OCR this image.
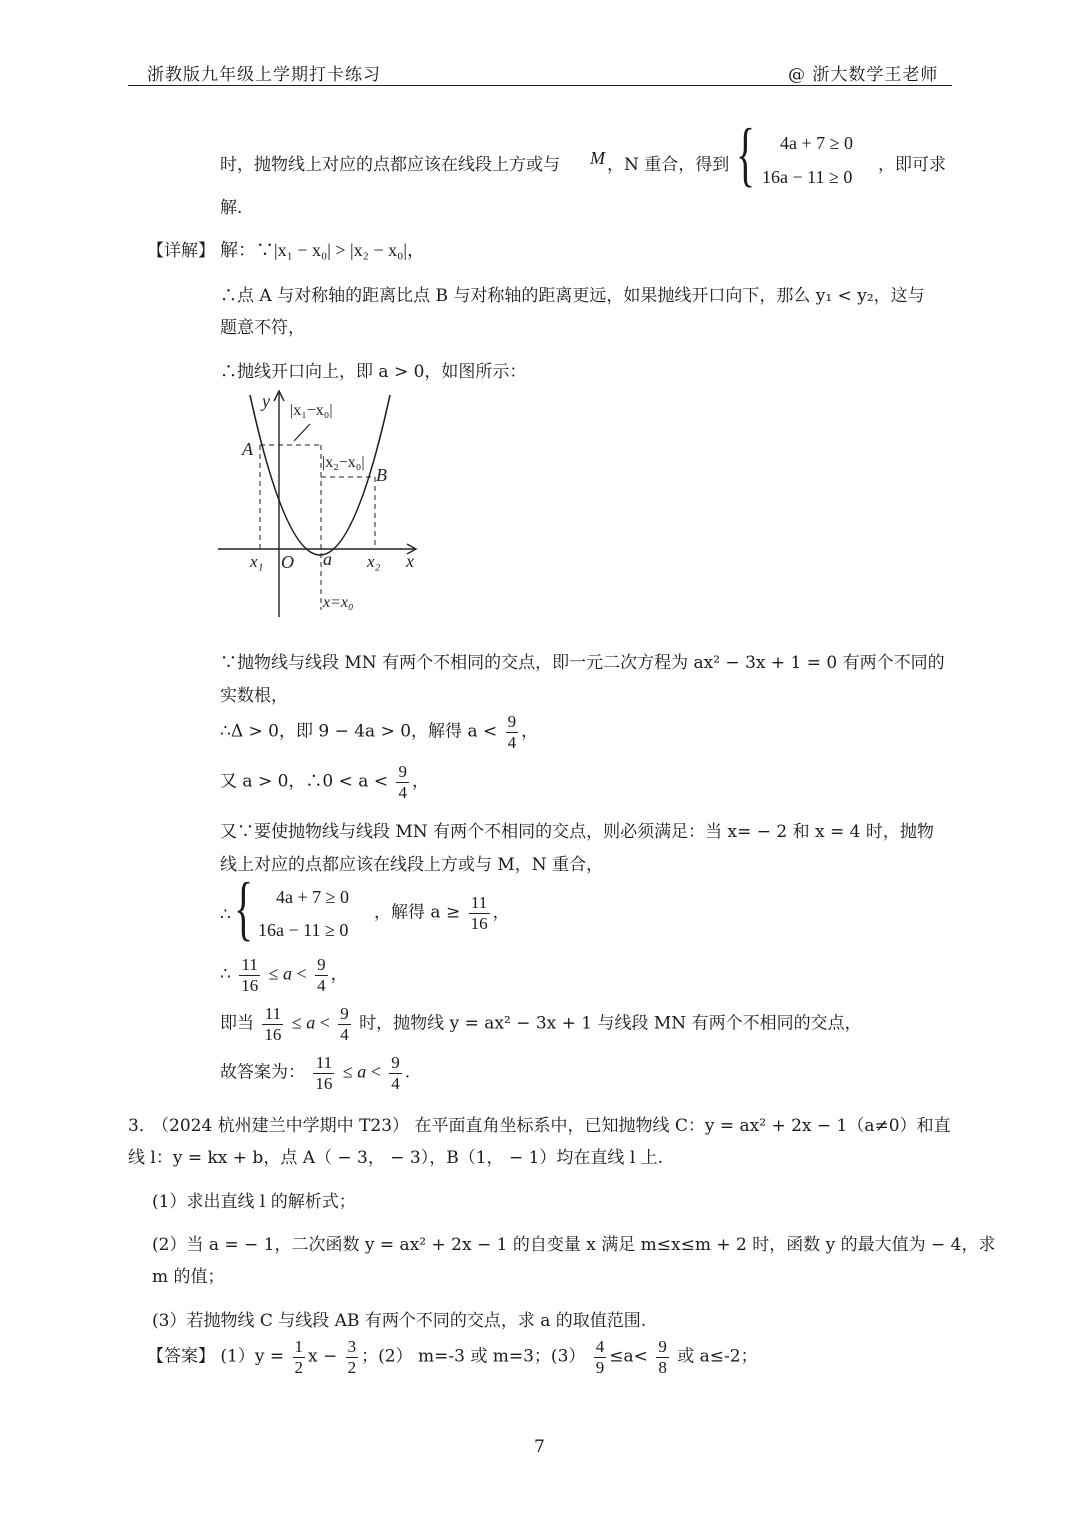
浙教版九年级上学期打卡练习	@ 浙大数学王老师
时，抛物线上对应的点都应该在线段上方或与 M ，N 重合，得到 { 4a + 7 ≥ 0
16a − 11 ≥ 0
，即可求
解.
【详解】 解：∵|x₁ − x₀| > |x₂ − x₀|，
∴点 A 与对称轴的距离比点 B 与对称轴的距离更远，如果抛线开口向下，那么 y₁ < y₂，这与
题意不符，
∴抛线开口向上，即 a > 0，如图所示：
y
x
A
B
O a
x₁	x₂
|x₁−x₀|
|x₂−x₀|
x=x₀
∵抛物线与线段 MN 有两个不相同的交点，即一元二次方程为 ax² − 3x + 1 = 0 有两个不同的
实数根，
∴Δ > 0，即 9 − 4a > 0，解得 $a < \frac{9}{4}$ ，
又 a > 0，∴0 < $a < \frac{9}{4}$ ，
又∵要使抛物线与线段 MN 有两个不相同的交点，则必须满足：当 x= − 2 和 x = 4 时，抛物
线上对应的点都应该在线段上方或与 M，N 重合，
∴ { 4a + 7 ≥ 0
16a − 11 ≥ 0
，解得 $a \ge \frac{11}{16}$ ，
∴ $\frac{11}{16} \le a < \frac{9}{4}$ ，
即当 $\frac{11}{16} \le a < \frac{9}{4}$ 时，抛物线 y = ax² − 3x + 1 与线段 MN 有两个不相同的交点，
故答案为： $\frac{11}{16} \le a < \frac{9}{4}$ .
3．
（2024 杭州建兰中学期中 T23） 在平面直角坐标系中，已知抛物线 C：y = ax² + 2x − 1（a≠0）和直
线 l：y = kx + b，点 A（ − 3， − 3），B（1， − 1）均在直线 l 上.
(1）求出直线 l 的解析式；
(2）当 a = − 1，二次函数 y = ax² + 2x − 1 的自变量 x 满足 m≤x≤m + 2 时，函数 y 的最大值为 − 4，求
m 的值；
(3）若抛物线 C 与线段 AB 有两个不同的交点，求 a 的取值范围.
【答案】 $(1)y = \frac{1}{2}$ $x - \frac{3}{2}$ ；(2） m=-3 或 m=3；$(3) \frac{4}{9} \le a< \frac{9}{8}$ 或 a≤-2；
7
